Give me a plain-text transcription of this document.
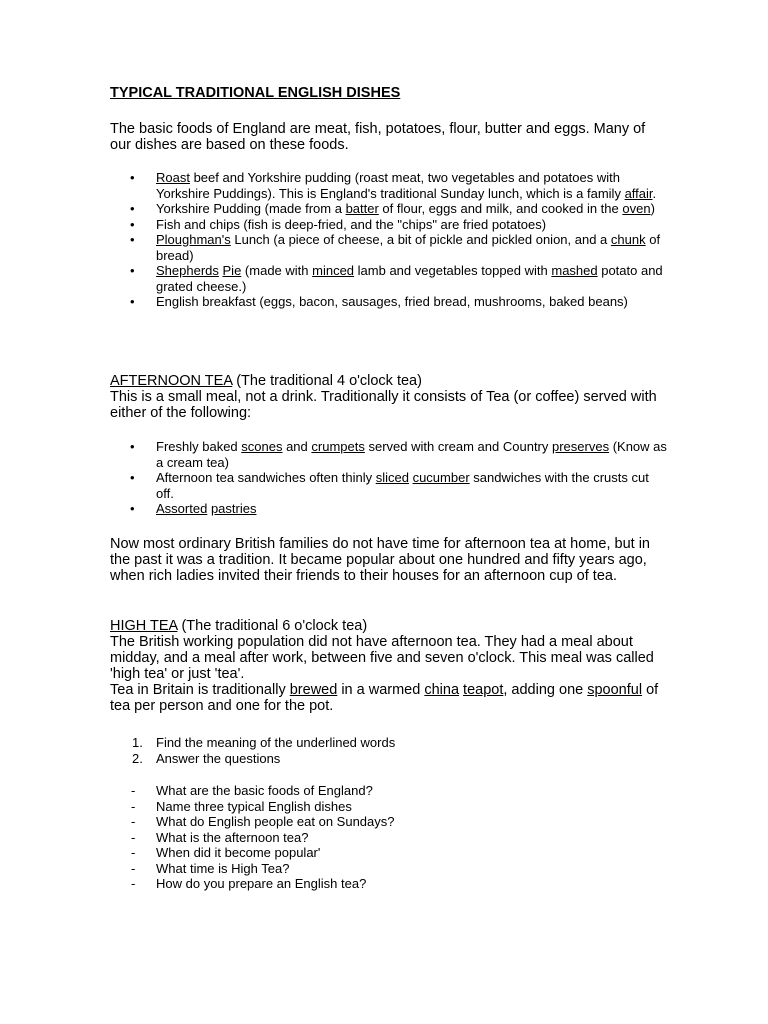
TYPICAL TRADITIONAL ENGLISH DISHES

The basic foods of England are meat, fish, potatoes, flour, butter and eggs. Many of our dishes are based on these foods.

• Roast beef and Yorkshire pudding (roast meat, two vegetables and potatoes with Yorkshire Puddings). This is England's traditional Sunday lunch, which is a family affair.
• Yorkshire Pudding (made from a batter of flour, eggs and milk, and cooked in the oven)
• Fish and chips (fish is deep-fried, and the "chips" are fried potatoes)
• Ploughman's Lunch (a piece of cheese, a bit of pickle and pickled onion, and a chunk of bread)
• Shepherds Pie (made with minced lamb and vegetables topped with mashed potato and grated cheese.)
• English breakfast (eggs, bacon, sausages, fried bread, mushrooms, baked beans)

AFTERNOON TEA (The traditional 4 o'clock tea)
This is a small meal, not a drink. Traditionally it consists of Tea (or coffee) served with either of the following:

• Freshly baked scones and crumpets served with cream and Country preserves (Know as a cream tea)
• Afternoon tea sandwiches often thinly sliced cucumber sandwiches with the crusts cut off.
• Assorted pastries

Now most ordinary British families do not have time for afternoon tea at home, but in the past it was a tradition. It became popular about one hundred and fifty years ago, when rich ladies invited their friends to their houses for an afternoon cup of tea.

HIGH TEA (The traditional 6 o'clock tea)
The British working population did not have afternoon tea. They had a meal about midday, and a meal after work, between five and seven o'clock. This meal was called 'high tea' or just 'tea'.
Tea in Britain is traditionally brewed in a warmed china teapot, adding one spoonful of tea per person and one for the pot.

1. Find the meaning of the underlined words
2. Answer the questions
- What are the basic foods of England?
- Name three typical English dishes
- What do English people eat on Sundays?
- What is the afternoon tea?
- When did it become popular'
- What time is High Tea?
- How do you prepare an English tea?
